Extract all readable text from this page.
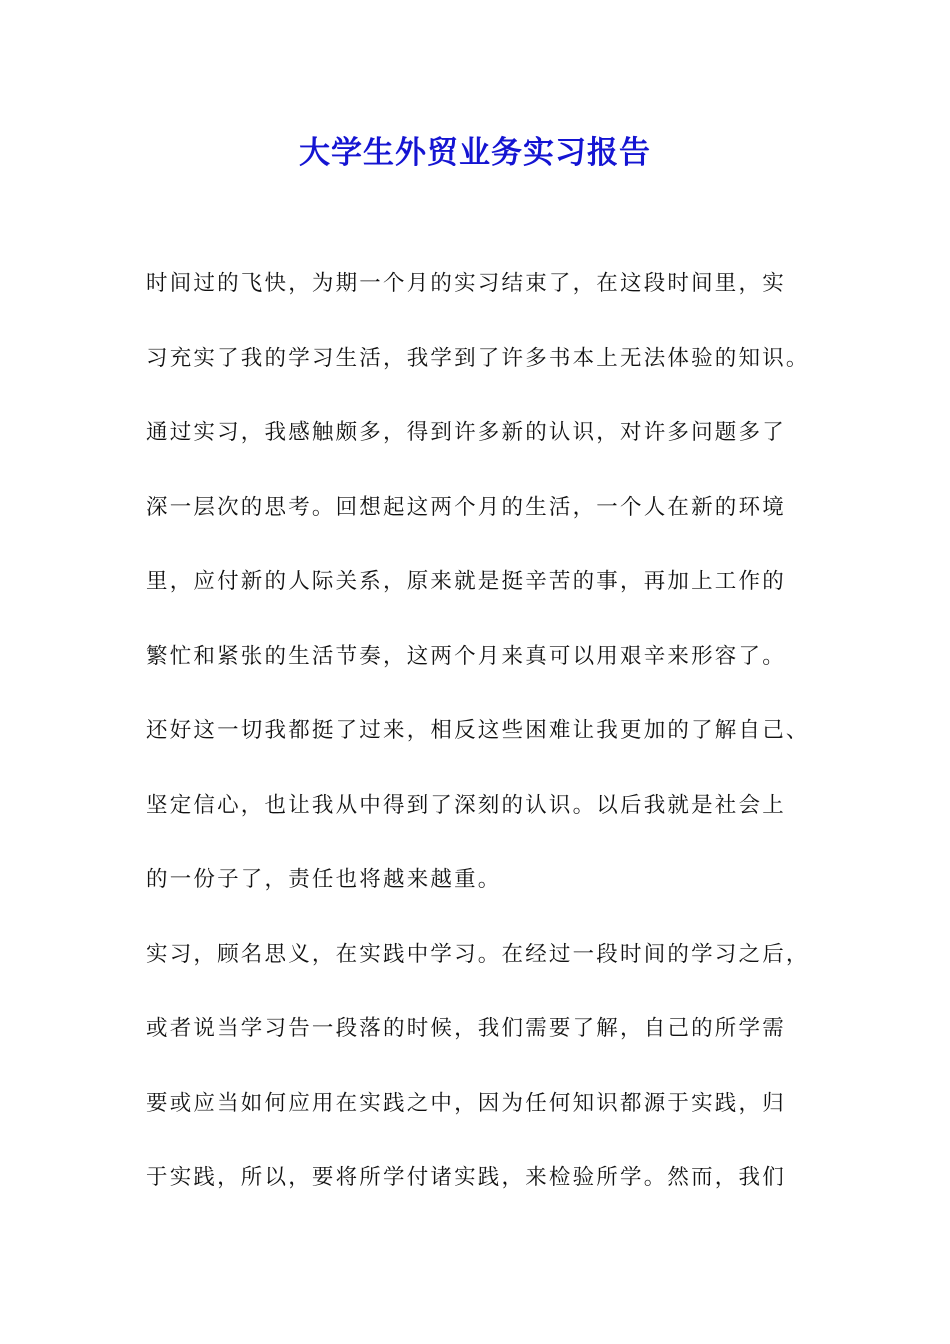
大学生外贸业务实习报告
时间过的飞快，为期一个月的实习结束了，在这段时间里，实
习充实了我的学习生活，我学到了许多书本上无法体验的知识。
通过实习，我感触颇多，得到许多新的认识，对许多问题多了
深一层次的思考。回想起这两个月的生活，一个人在新的环境
里，应付新的人际关系，原来就是挺辛苦的事，再加上工作的
繁忙和紧张的生活节奏，这两个月来真可以用艰辛来形容了。
还好这一切我都挺了过来，相反这些困难让我更加的了解自己、
坚定信心，也让我从中得到了深刻的认识。以后我就是社会上
的一份子了，责任也将越来越重。
实习，顾名思义，在实践中学习。在经过一段时间的学习之后，
或者说当学习告一段落的时候，我们需要了解，自己的所学需
要或应当如何应用在实践之中，因为任何知识都源于实践，归
于实践，所以，要将所学付诸实践，来检验所学。然而，我们
